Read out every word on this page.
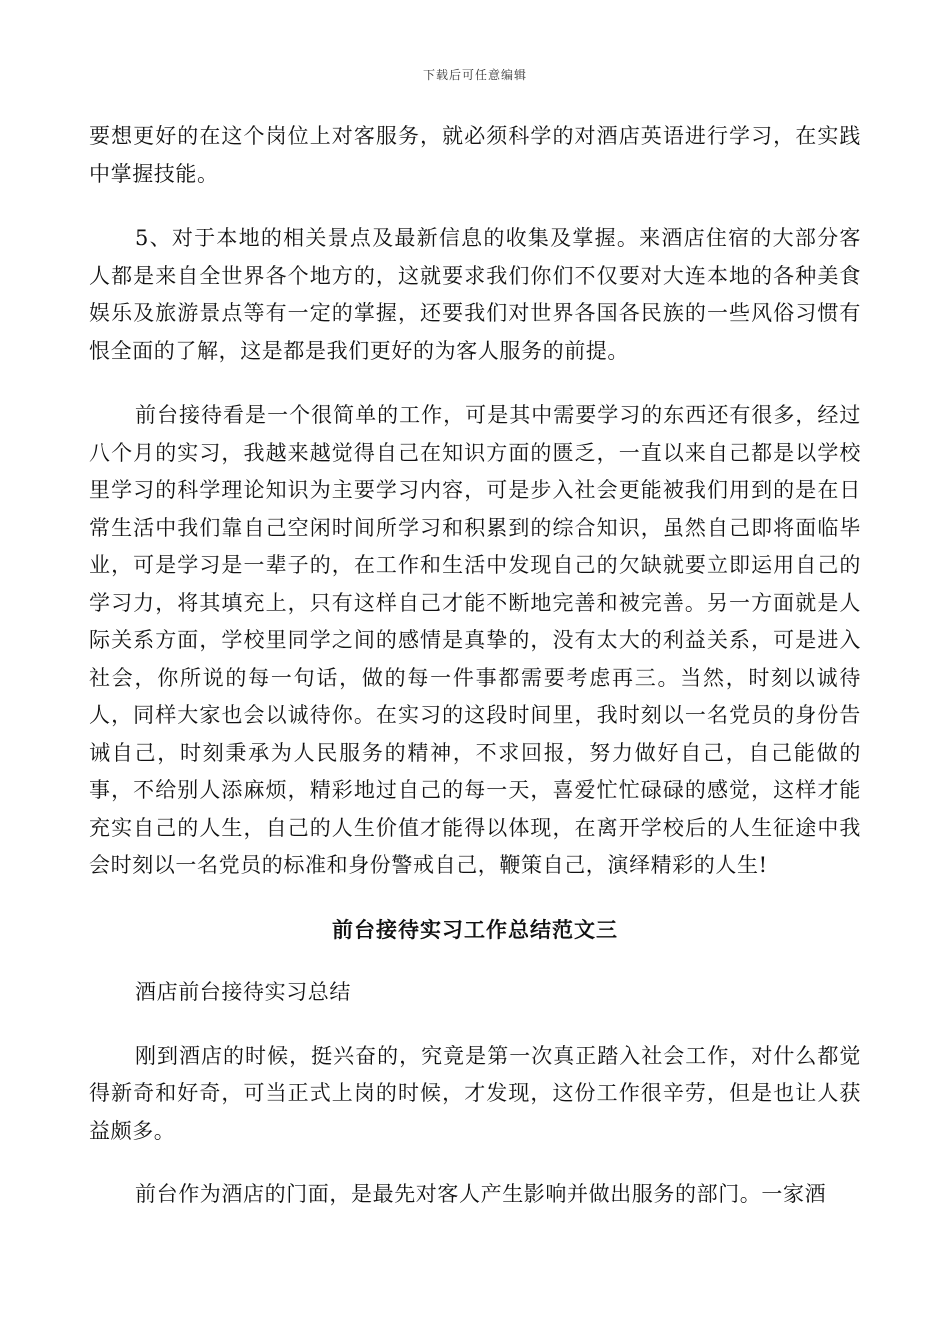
下载后可任意编辑

要想更好的在这个岗位上对客服务，就必须科学的对酒店英语进行学习，在实践中掌握技能。

5、对于本地的相关景点及最新信息的收集及掌握。来酒店住宿的大部分客人都是来自全世界各个地方的，这就要求我们你们不仅要对大连本地的各种美食娱乐及旅游景点等有一定的掌握，还要我们对世界各国各民族的一些风俗习惯有恨全面的了解，这是都是我们更好的为客人服务的前提。

前台接待看是一个很简单的工作，可是其中需要学习的东西还有很多，经过八个月的实习，我越来越觉得自己在知识方面的匮乏，一直以来自己都是以学校里学习的科学理论知识为主要学习内容，可是步入社会更能被我们用到的是在日常生活中我们靠自己空闲时间所学习和积累到的综合知识，虽然自己即将面临毕业，可是学习是一辈子的，在工作和生活中发现自己的欠缺就要立即运用自己的学习力，将其填充上，只有这样自己才能不断地完善和被完善。另一方面就是人际关系方面，学校里同学之间的感情是真挚的，没有太大的利益关系，可是进入社会，你所说的每一句话，做的每一件事都需要考虑再三。当然，时刻以诚待人，同样大家也会以诚待你。在实习的这段时间里，我时刻以一名党员的身份告诫自己，时刻秉承为人民服务的精神，不求回报，努力做好自己，自己能做的事，不给别人添麻烦，精彩地过自己的每一天，喜爱忙忙碌碌的感觉，这样才能充实自己的人生，自己的人生价值才能得以体现，在离开学校后的人生征途中我会时刻以一名党员的标准和身份警戒自己，鞭策自己，演绎精彩的人生!

前台接待实习工作总结范文三

酒店前台接待实习总结

刚到酒店的时候，挺兴奋的，究竟是第一次真正踏入社会工作，对什么都觉得新奇和好奇，可当正式上岗的时候，才发现，这份工作很辛劳，但是也让人获益颇多。

前台作为酒店的门面，是最先对客人产生影响并做出服务的部门。一家酒
